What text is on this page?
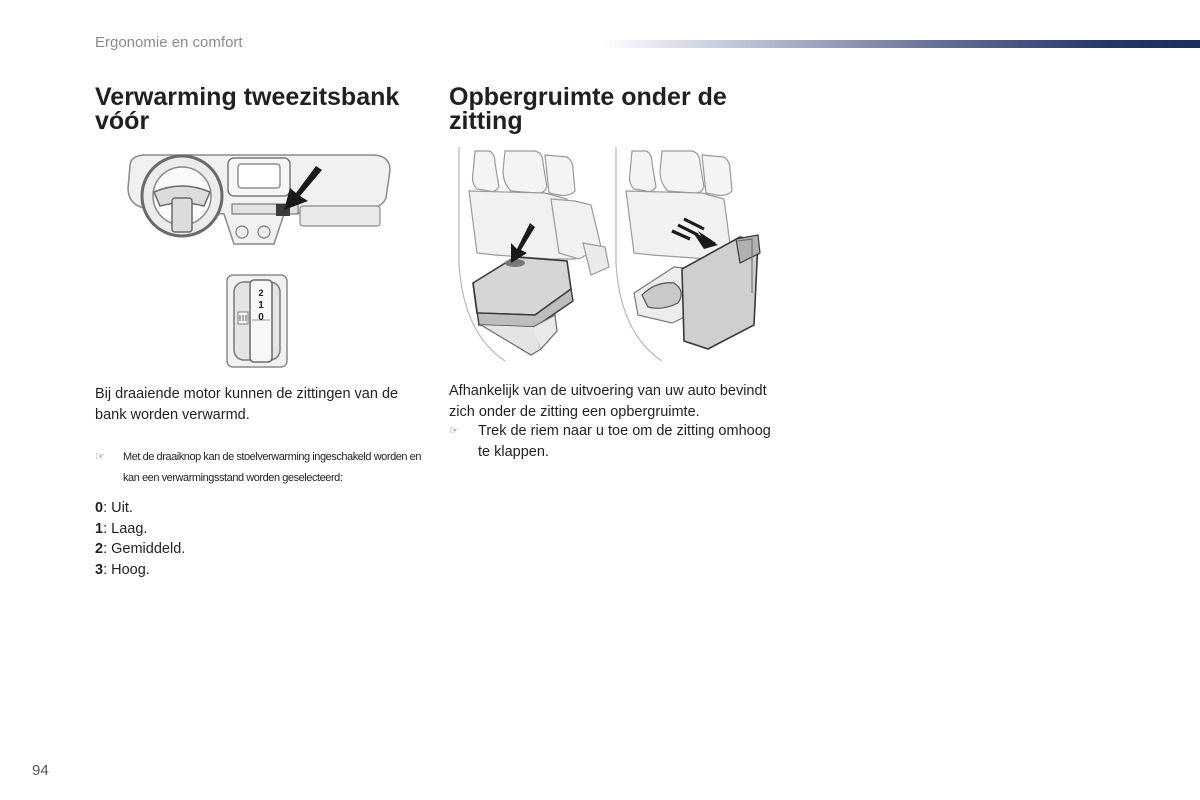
Ergonomie en comfort
Verwarming tweezitsbank vóór
Opbergruimte onder de zitting
2
1
0
Bij draaiende motor kunnen de zittingen van de bank worden verwarmd.
☞	Met de draaiknop kan de stoelverwarming ingeschakeld worden en kan een verwarmingsstand worden geselecteerd:
0: Uit.
1: Laag.
2: Gemiddeld.
3: Hoog.
Afhankelijk van de uitvoering van uw auto bevindt zich onder de zitting een opbergruimte.
☞	Trek de riem naar u toe om de zitting omhoog te klappen.
94
